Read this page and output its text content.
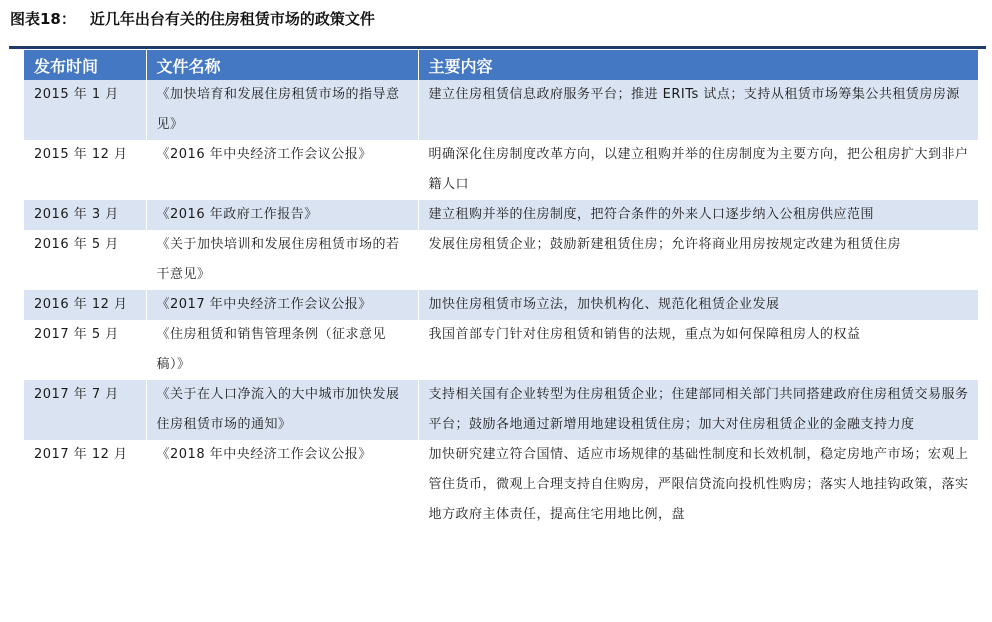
图表18： 近几年出台有关的住房租赁市场的政策文件
发布时间	文件名称	主要内容
2015 年 1 月	《加快培育和发展住房租赁市场的指导意见》	建立住房租赁信息政府服务平台；推进 ERITs 试点；支持从租赁市场筹集公共租赁房房源
2015 年 12 月	《2016 年中央经济工作会议公报》	明确深化住房制度改革方向，以建立租购并举的住房制度为主要方向，把公租房扩大到非户籍人口
2016 年 3 月	《2016 年政府工作报告》	建立租购并举的住房制度，把符合条件的外来人口逐步纳入公租房供应范围
2016 年 5 月	《关于加快培训和发展住房租赁市场的若干意见》	发展住房租赁企业；鼓励新建租赁住房；允许将商业用房按规定改建为租赁住房
2016 年 12 月	《2017 年中央经济工作会议公报》	加快住房租赁市场立法，加快机构化、规范化租赁企业发展
2017 年 5 月	《住房租赁和销售管理条例（征求意见稿）》	我国首部专门针对住房租赁和销售的法规，重点为如何保障租房人的权益
2017 年 7 月	《关于在人口净流入的大中城市加快发展住房租赁市场的通知》	支持相关国有企业转型为住房租赁企业；住建部同相关部门共同搭建政府住房租赁交易服务平台；鼓励各地通过新增用地建设租赁住房；加大对住房租赁企业的金融支持力度
2017 年 12 月	《2018 年中央经济工作会议公报》	加快研究建立符合国情、适应市场规律的基础性制度和长效机制，稳定房地产市场；宏观上管住货币，微观上合理支持自住购房，严限信贷流向投机性购房；落实人地挂钩政策，落实地方政府主体责任，提高住宅用地比例，盘
